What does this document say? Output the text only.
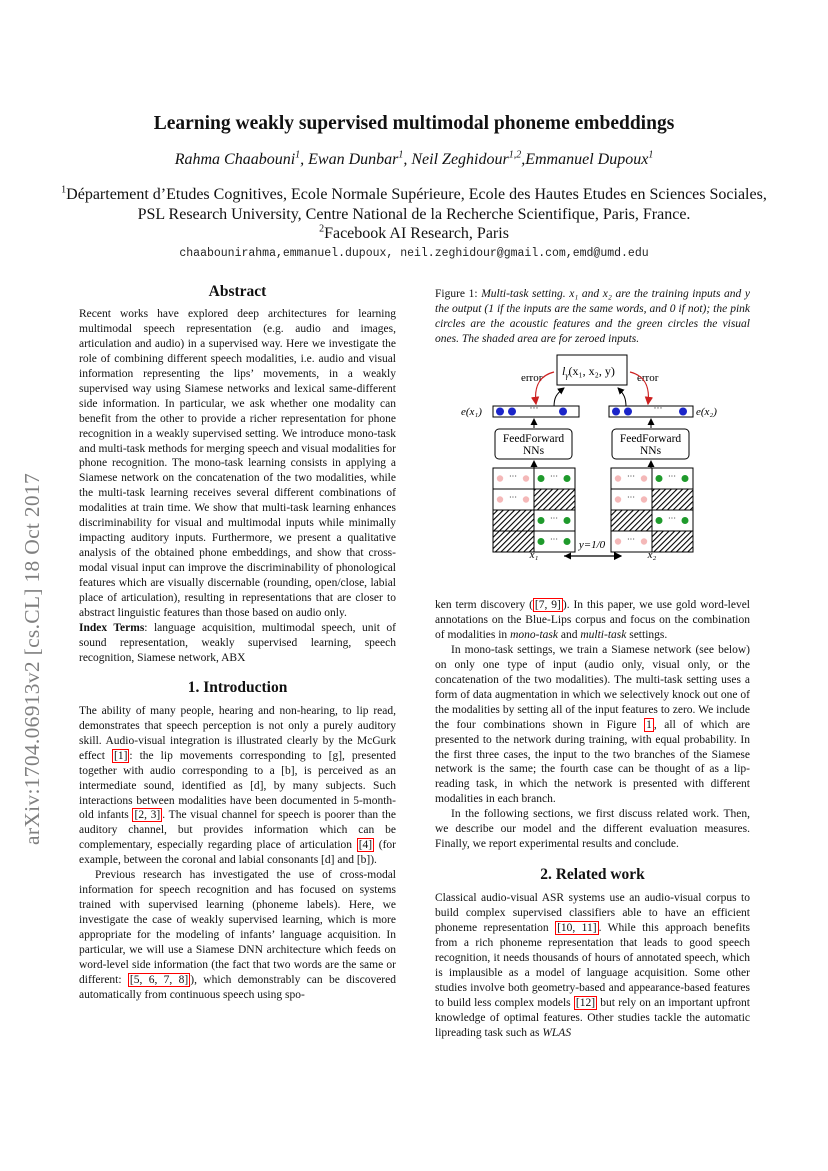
arXiv:1704.06913v2 [cs.CL] 18 Oct 2017
Learning weakly supervised multimodal phoneme embeddings
Rahma Chaabouni$^1$, Ewan Dunbar$^1$, Neil Zeghidour$^{1,2}$,Emmanuel Dupoux$^1$
$^1$Département d’Etudes Cognitives, Ecole Normale Supérieure, Ecole des Hautes Etudes en Sciences Sociales, PSL Research University, Centre National de la Recherche Scientifique, Paris, France.
$^2$Facebook AI Research, Paris
chaabounirahma,emmanuel.dupoux, neil.zeghidour@gmail.com,emd@umd.edu

Abstract

Recent works have explored deep architectures for learning multimodal speech representation (e.g. audio and images, articulation and audio) in a supervised way. Here we investigate the role of combining different speech modalities, i.e. audio and visual information representing the lips’ movements, in a weakly supervised way using Siamese networks and lexical same-different side information. In particular, we ask whether one modality can benefit from the other to provide a richer representation for phone recognition in a weakly supervised setting. We introduce mono-task and multi-task methods for merging speech and visual modalities for phone recognition. The mono-task learning consists in applying a Siamese network on the concatenation of the two modalities, while the multi-task learning receives several different combinations of modalities at train time. We show that multi-task learning enhances discriminability for visual and multimodal inputs while minimally impacting auditory inputs. Furthermore, we present a qualitative analysis of the obtained phone embeddings, and show that cross-modal visual input can improve the discriminability of phonological features which are visually discernable (rounding, open/close, labial place of articulation), resulting in representations that are closer to abstract linguistic features than those based on audio only.

Index Terms: language acquisition, multimodal speech, unit of sound representation, weakly supervised learning, speech recognition, Siamese network, ABX

1. Introduction

The ability of many people, hearing and non-hearing, to lip read, demonstrates that speech perception is not only a purely auditory skill. Audio-visual integration is illustrated clearly by the McGurk effect [1] : the lip movements corresponding to [g], presented together with audio corresponding to a [b], is perceived as an intermediate sound, identified as [d], by many subjects. Such interactions between modalities have been documented in 5-month-old infants [2, 3] . The visual channel for speech is poorer than the auditory channel, but provides information which can be complementary, especially regarding place of articulation [4] (for example, between the coronal and labial consonants [d] and [b]).

Previous research has investigated the use of cross-modal information for speech recognition and has focused on systems trained with supervised learning (phoneme labels). Here, we investigate the case of weakly supervised learning, which is more appropriate for the modeling of infants’ language acquisition. In particular, we will use a Siamese DNN architecture which feeds on word-level side information (the fact that two words are the same or different: [5, 6, 7, 8] ), which demonstrably can be discovered automatically from continuous speech using spo-

Figure 1: Multi-task setting. x₁ and x₂ are the training inputs and y the output (1 if the inputs are the same words, and 0 if not); the pink circles are the acoustic features and the green circles the visual ones. The shaded area are for zeroed inputs.
$l_\gamma(x_1$, x₂, y)
error	error
e(x₁)	···	···	e(x₂)
FeedForward
NNs
FeedForward
NNs
···	···
···
···
···
···	···
···
···
···
y=1/0
x₁	x₂

ken term discovery ( [7, 9] ). In this paper, we use gold word-level annotations on the Blue-Lips corpus and focus on the combination of modalities in mono-task and multi-task settings.

In mono-task settings, we train a Siamese network (see below) on only one type of input (audio only, visual only, or the concatenation of the two modalities). The multi-task setting uses a form of data augmentation in which we selectively knock out one of the modalities by setting all of the input features to zero. We include the four combinations shown in Figure 1 , all of which are presented to the network during training, with equal probability. In the first three cases, the input to the two branches of the Siamese network is the same; the fourth case can be thought of as a lip-reading task, in which the network is presented with different modalities in each branch.

In the following sections, we first discuss related work. Then, we describe our model and the different evaluation measures. Finally, we report experimental results and conclude.

2. Related work

Classical audio-visual ASR systems use an audio-visual corpus to build complex supervised classifiers able to have an efficient phoneme representation [10, 11] . While this approach benefits from a rich phoneme representation that leads to good speech recognition, it needs thousands of hours of annotated speech, which is implausible as a model of language acquisition. Some other studies involve both geometry-based and appearance-based features to build less complex models [12] but rely on an important upfront knowledge of optimal features. Other studies tackle the automatic lipreading task such as WLAS
